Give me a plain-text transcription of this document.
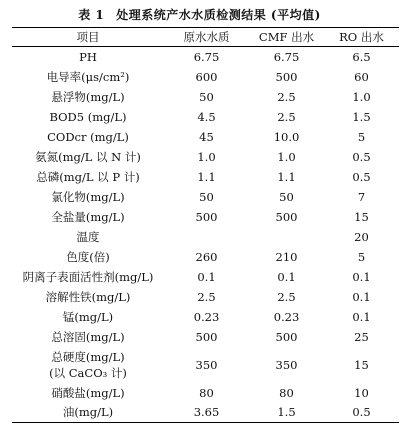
表 1 处理系统产水水质检测结果 (平均值)
项目	原水水质	CMF 出水	RO 出水
PH	6.75	6.75	6.5
电导率(μs/cm²)	600	500	60
悬浮物(mg/L)	50	2.5	1.0
BOD5 (mg/L)	4.5	2.5	1.5
CODcr (mg/L)	45	10.0	5
氨氮(mg/L 以 N 计)	1.0	1.0	0.5
总磷(mg/L 以 P 计)	1.1	1.1	0.5
氯化物(mg/L)	50	50	7
全盐量(mg/L)	500	500	15
温度			20
色度(倍)	260	210	5
阴离子表面活性剂(mg/L)	0.1	0.1	0.1
溶解性铁(mg/L)	2.5	2.5	0.1
锰(mg/L)	0.23	0.23	0.1
总溶固(mg/L)	500	500	25
总硬度(mg/L)
(以 CaCO₃ 计)	350	350	15
硝酸盐(mg/L)	80	80	10
油(mg/L)	3.65	1.5	0.5
